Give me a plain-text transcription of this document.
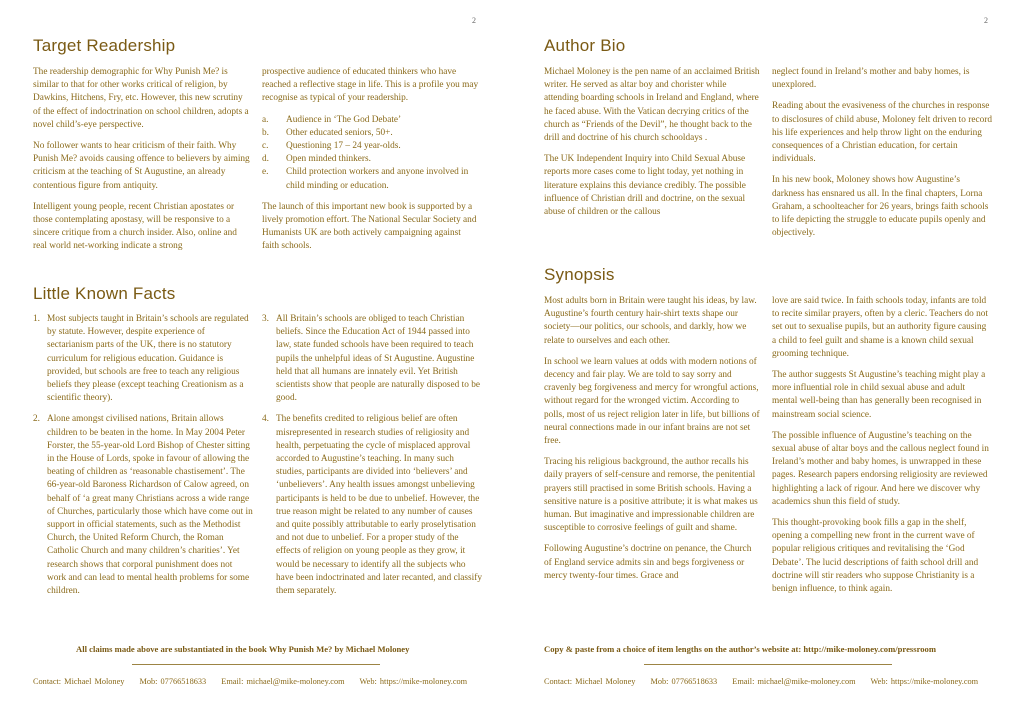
2
Target Readership

The readership demographic for Why Punish Me? is similar to that for other works critical of religion, by Dawkins, Hitchens, Fry, etc. However, this new scrutiny of the effect of indoctrination on school children, adopts a novel child’s-eye perspective.

No follower wants to hear criticism of their faith. Why Punish Me? avoids causing offence to believers by aiming criticism at the teaching of St Augustine, an already contentious figure from antiquity.

Intelligent young people, recent Christian apostates or those contemplating apostasy, will be responsive to a sincere critique from a church insider. Also, online and real world net-working indicate a strong

prospective audience of educated thinkers who have reached a reflective stage in life. This is a profile you may recognise as typical of your readership.

a.	Audience in ‘The God Debate’
b.	Other educated seniors, 50+.
c.	Questioning 17 – 24 year-olds.
d.	Open minded thinkers.
e.	Child protection workers and anyone involved in child minding or education.

The launch of this important new book is supported by a lively promotion effort. The National Secular Society and Humanists UK are both actively campaigning against faith schools.

Little Known Facts
1. Most subjects taught in Britain’s schools are regulated by statute. However, despite experience of sectarianism parts of the UK, there is no statutory curriculum for religious education. Guidance is provided, but schools are free to teach any religious beliefs they please (except teaching Creationism as a scientific theory).
2. Alone amongst civilised nations, Britain allows children to be beaten in the home. In May 2004 Peter Forster, the 55-year-old Lord Bishop of Chester sitting in the House of Lords, spoke in favour of allowing the beating of children as ‘reasonable chastisement’. The 66-year-old Baroness Richardson of Calow agreed, on behalf of ‘a great many Christians across a wide range of Churches, particularly those which have come out in support in official statements, such as the Methodist Church, the United Reform Church, the Roman Catholic Church and many children’s charities’. Yet research shows that corporal punishment does not work and can lead to mental health problems for some children.
3. All Britain’s schools are obliged to teach Christian beliefs. Since the Education Act of 1944 passed into law, state funded schools have been required to teach pupils the unhelpful ideas of St Augustine. Augustine held that all humans are innately evil. Yet British scientists show that people are naturally disposed to be good.
4. The benefits credited to religious belief are often misrepresented in research studies of religiosity and health, perpetuating the cycle of misplaced approval accorded to Augustine’s teaching. In many such studies, participants are divided into ‘believers’ and ‘unbelievers’. Any health issues amongst unbelieving participants is held to be due to unbelief. However, the true reason might be related to any number of causes and quite possibly attributable to early proselytisation and not due to unbelief. For a proper study of the effects of religion on young people as they grow, it would be necessary to identify all the subjects who have been indoctrinated and later recanted, and classify them separately.
All claims made above are substantiated in the book Why Punish Me? by Michael Moloney
Contact: Michael Moloney Mob: 07766518633 Email: michael@mike-moloney.com Web: https://mike-moloney.com
2
Author Bio

Michael Moloney is the pen name of an acclaimed British writer. He served as altar boy and chorister while attending boarding schools in Ireland and England, where he faced abuse. With the Vatican decrying critics of the church as “Friends of the Devil”, he thought back to the drill and doctrine of his church schooldays .

The UK Independent Inquiry into Child Sexual Abuse reports more cases come to light today, yet nothing in literature explains this deviance credibly. The possible influence of Christian drill and doctrine, on the sexual abuse of children or the callous

neglect found in Ireland’s mother and baby homes, is unexplored.

Reading about the evasiveness of the churches in response to disclosures of child abuse, Moloney felt driven to record his life experiences and help throw light on the enduring consequences of a Christian education, for certain individuals.

In his new book, Moloney shows how Augustine’s darkness has ensnared us all. In the final chapters, Lorna Graham, a schoolteacher for 26 years, brings faith schools to life depicting the struggle to educate pupils openly and objectively.

Synopsis

Most adults born in Britain were taught his ideas, by law. Augustine’s fourth century hair-shirt texts shape our society—our politics, our schools, and darkly, how we relate to ourselves and each other.

In school we learn values at odds with modern notions of decency and fair play. We are told to say sorry and cravenly beg forgiveness and mercy for wrongful actions, without regard for the wronged victim. According to polls, most of us reject religion later in life, but billions of neural connections made in our infant brains are not set free.

Tracing his religious background, the author recalls his daily prayers of self-censure and remorse, the penitential prayers still practised in some British schools. Having a sensitive nature is a positive attribute; it is what makes us human. But imaginative and impressionable children are susceptible to corrosive feelings of guilt and shame.

Following Augustine’s doctrine on penance, the Church of England service admits sin and begs forgiveness or mercy twenty-four times. Grace and

love are said twice. In faith schools today, infants are told to recite similar prayers, often by a cleric. Teachers do not set out to sexualise pupils, but an authority figure causing a child to feel guilt and shame is a known child sexual grooming technique.

The author suggests St Augustine’s teaching might play a more influential role in child sexual abuse and adult mental well-being than has generally been recognised in mainstream social science.

The possible influence of Augustine’s teaching on the sexual abuse of altar boys and the callous neglect found in Ireland’s mother and baby homes, is unwrapped in these pages. Research papers endorsing religiosity are reviewed highlighting a lack of rigour. And here we discover why academics shun this field of study.

This thought-provoking book fills a gap in the shelf, opening a compelling new front in the current wave of popular religious critiques and revitalising the ‘God Debate’. The lucid descriptions of faith school drill and doctrine will stir readers who suppose Christianity is a benign influence, to think again.

Copy & paste from a choice of item lengths on the author’s website at: http://mike-moloney.com/pressroom
Contact: Michael Moloney Mob: 07766518633 Email: michael@mike-moloney.com Web: https://mike-moloney.com
